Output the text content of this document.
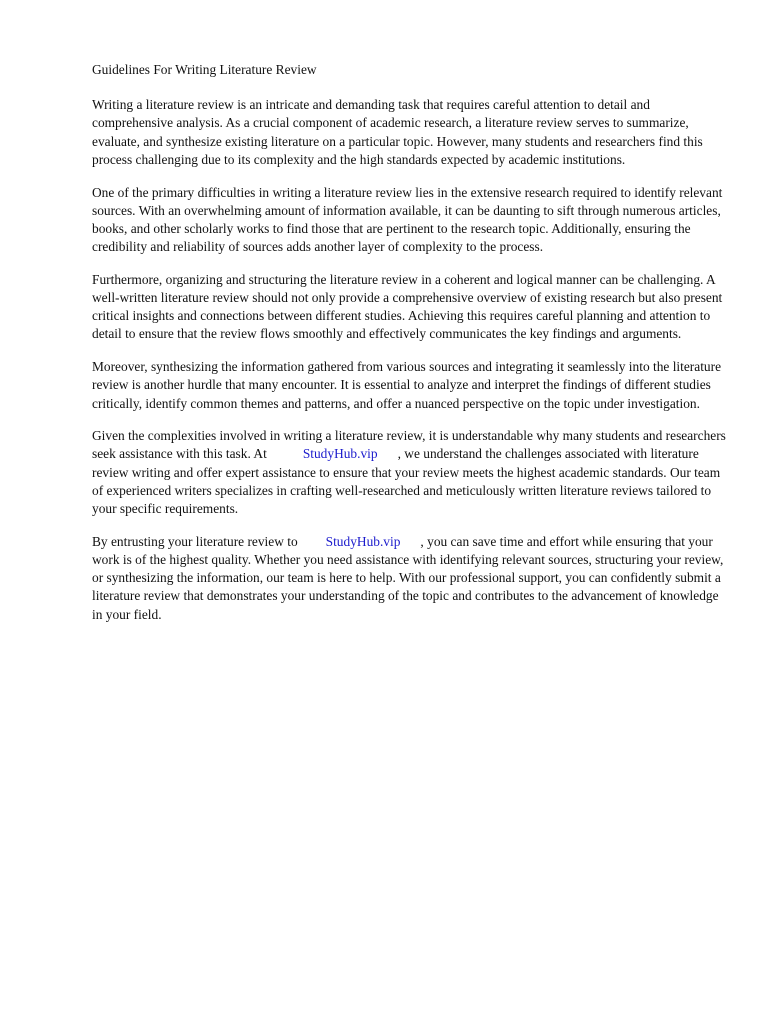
Guidelines For Writing Literature Review

Writing a literature review is an intricate and demanding task that requires careful attention to detail and comprehensive analysis. As a crucial component of academic research, a literature review serves to summarize, evaluate, and synthesize existing literature on a particular topic. However, many students and researchers find this process challenging due to its complexity and the high standards expected by academic institutions.

One of the primary difficulties in writing a literature review lies in the extensive research required to identify relevant sources. With an overwhelming amount of information available, it can be daunting to sift through numerous articles, books, and other scholarly works to find those that are pertinent to the research topic. Additionally, ensuring the credibility and reliability of sources adds another layer of complexity to the process.

Furthermore, organizing and structuring the literature review in a coherent and logical manner can be challenging. A well-written literature review should not only provide a comprehensive overview of existing research but also present critical insights and connections between different studies. Achieving this requires careful planning and attention to detail to ensure that the review flows smoothly and effectively communicates the key findings and arguments.

Moreover, synthesizing the information gathered from various sources and integrating it seamlessly into the literature review is another hurdle that many encounter. It is essential to analyze and interpret the findings of different studies critically, identify common themes and patterns, and offer a nuanced perspective on the topic under investigation.

Given the complexities involved in writing a literature review, it is understandable why many students and researchers seek assistance with this task. At	StudyHub.vip , we understand the challenges associated with literature review writing and offer expert assistance to ensure that your review meets the highest academic standards. Our team of experienced writers specializes in crafting well-researched and meticulously written literature reviews tailored to your specific requirements.

By entrusting your literature review to StudyHub.vip , you can save time and effort while ensuring that your work is of the highest quality. Whether you need assistance with identifying relevant sources, structuring your review, or synthesizing the information, our team is here to help. With our professional support, you can confidently submit a literature review that demonstrates your understanding of the topic and contributes to the advancement of knowledge in your field.
